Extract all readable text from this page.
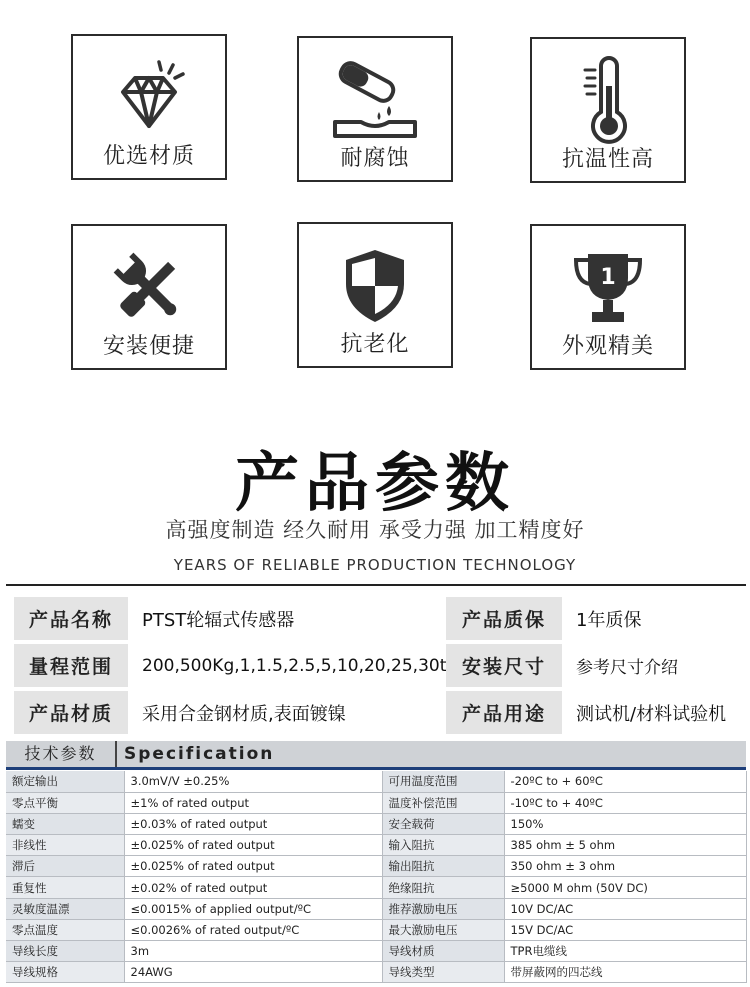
优选材质	耐腐蚀	抗温性高
安装便捷	抗老化
1
外观精美
产品参数
高强度制造 经久耐用 承受力强 加工精度好
YEARS OF RELIABLE PRODUCTION TECHNOLOGY
产品名称	PTST轮辐式传感器	产品质保	1年质保
量程范围	200,500Kg,1,1.5,2.5,5,10,20,25,30t	安装尺寸	参考尺寸介绍
产品材质	采用合金钢材质,表面镀镍	产品用途	测试机/材料试验机
技术参数	Specification
额定输出	3.0mV/V ±0.25%	可用温度范围	-20ºC to + 60ºC
零点平衡	±1% of rated output	温度补偿范围	-10ºC to + 40ºC
蠕变	±0.03% of rated output	安全载荷	150%
非线性	±0.025% of rated output	输入阻抗	385 ohm ± 5 ohm
滞后	±0.025% of rated output	输出阻抗	350 ohm ± 3 ohm
重复性	±0.02% of rated output	绝缘阻抗	≥5000 M ohm (50V DC)
灵敏度温漂	≤0.0015% of applied output/ºC	推荐激励电压	10V DC/AC
零点温度	≤0.0026% of rated output/ºC	最大激励电压	15V DC/AC
导线长度	3m	导线材质	TPR电缆线
导线规格	24AWG	导线类型	带屏蔽网的四芯线
